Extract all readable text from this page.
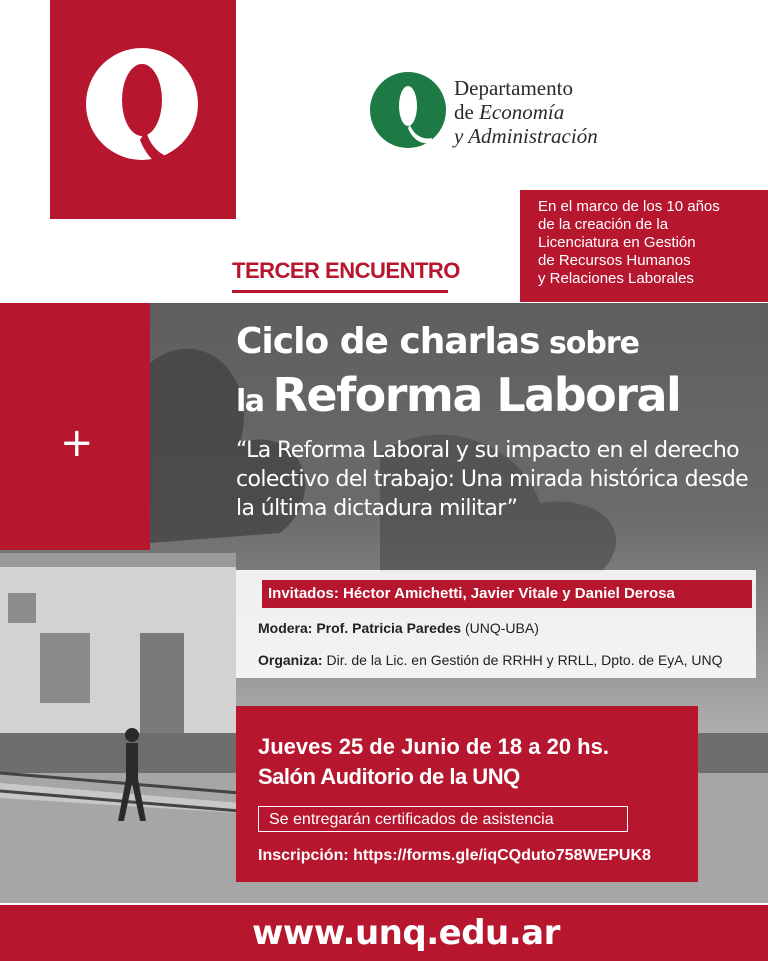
Departamento
de Economía
y Administración
En el marco de los 10 años
de la creación de la
Licenciatura en Gestión
de Recursos Humanos
y Relaciones Laborales
TERCER ENCUENTRO
+
Ciclo de charlas sobre
la Reforma Laboral
“La Reforma Laboral y su impacto en el derecho colectivo del trabajo: Una mirada histórica desde la última dictadura militar”
Invitados: Héctor Amichetti, Javier Vitale y Daniel Derosa
Modera: Prof. Patricia Paredes (UNQ-UBA)
Organiza: Dir. de la Lic. en Gestión de RRHH y RRLL, Dpto. de EyA, UNQ
Jueves 25 de Junio de 18 a 20 hs.
Salón Auditorio de la UNQ
Se entregarán certificados de asistencia
Inscripción: https://forms.gle/iqCQduto758WEPUK8
www.unq.edu.ar
